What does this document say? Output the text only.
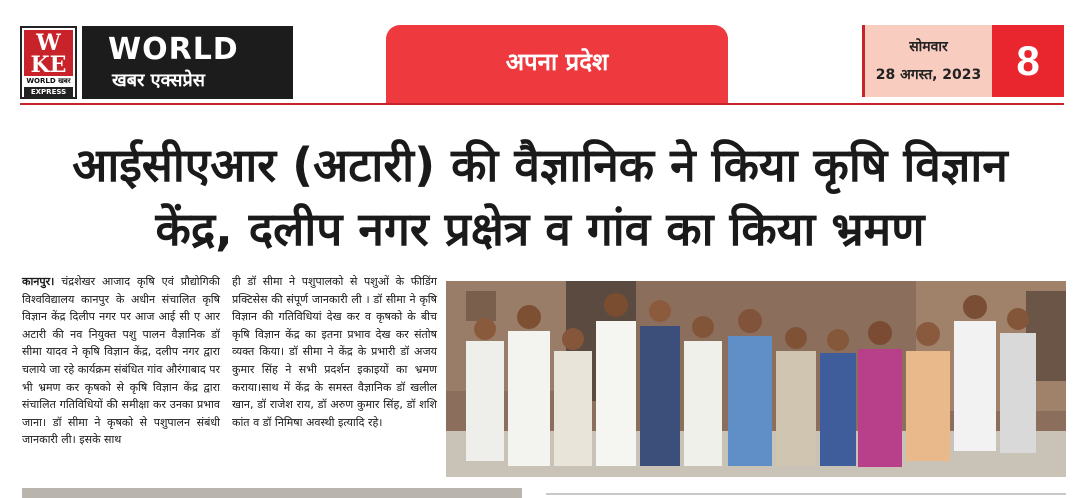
W
KE
WORLD खबर
EXPRESS
WORLD
खबर एक्सप्रेस
अपना प्रदेश
सोमवार
28 अगस्त, 2023 8
आईसीएआर (अटारी) की वैज्ञानिक ने किया कृषि विज्ञान
केंद्र, दलीप नगर प्रक्षेत्र व गांव का किया भ्रमण
कानपुर। चंद्रशेखर आजाद कृषि एवं प्रौद्योगिकी विश्वविद्यालय कानपुर के अधीन संचालित कृषि विज्ञान केंद्र दिलीप नगर पर आज आई सी ए आर अटारी की नव नियुक्त पशु पालन वैज्ञानिक डॉ सीमा यादव ने कृषि विज्ञान केंद्र, दलीप नगर द्वारा चलाये जा रहे कार्यक्रम संबंधित गांव औरंगाबाद पर भी भ्रमण कर कृषको से कृषि विज्ञान केंद्र द्वारा संचालित गतिविधियों की समीक्षा कर उनका प्रभाव जाना। डॉ सीमा ने कृषको से पशुपालन संबंधी जानकारी ली। इसके साथ
ही डॉ सीमा ने पशुपालको से पशुओं के फीडिंग प्रक्टिसेस की संपूर्ण जानकारी ली । डॉ सीमा ने कृषि विज्ञान की गतिविधियां देख कर व कृषको के बीच कृषि विज्ञान केंद्र का इतना प्रभाव देख कर संतोष व्यक्त किया। डॉ सीमा ने केंद्र के प्रभारी डॉ अजय कुमार सिंह ने सभी प्रदर्शन इकाइयों का भ्रमण कराया।साथ में केंद्र के समस्त वैज्ञानिक डॉ खलील खान, डॉ राजेश राय, डॉ अरुण कुमार सिंह, डॉ शशि कांत व डॉ निमिषा अवस्थी इत्यादि रहे।
